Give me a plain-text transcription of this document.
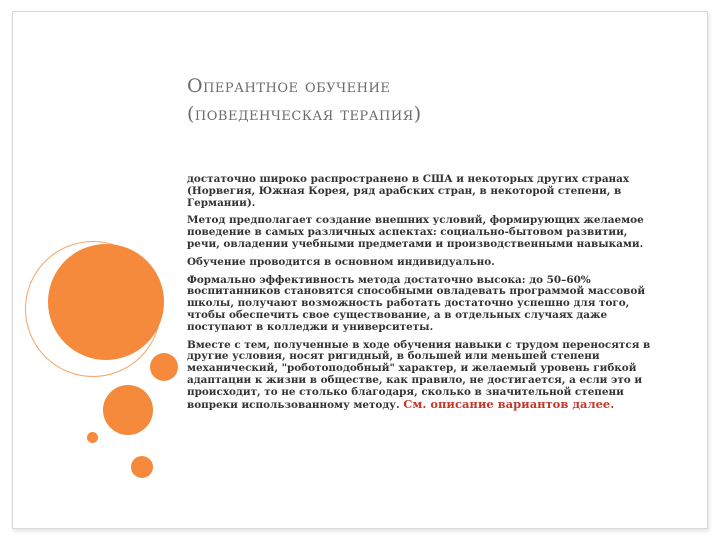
Оперантное обучение
(поведенческая терапия)

достаточно широко распространено в США и некоторых других странах (Норвегия, Южная Корея, ряд арабских стран, в некоторой степени, в Германии).

Метод предполагает создание внешних условий, формирующих желаемое поведение в самых различных аспектах: социально-бытовом развитии, речи, овладении учебными предметами и производственными навыками.

Обучение проводится в основном индивидуально.

Формально эффективность метода достаточно высока: до 50–60% воспитанников становятся способными овладевать программой массовой школы, получают возможность работать достаточно успешно для того, чтобы обеспечить свое существование, а в отдельных случаях даже поступают в колледжи и университеты.

Вместе с тем, полученные в ходе обучения навыки с трудом переносятся в другие условия, носят ригидный, в большей или меньшей степени механический, "роботоподобный" характер, и желаемый уровень гибкой адаптации к жизни в обществе, как правило, не достигается, а если это и происходит, то не столько благодаря, сколько в значительной степени вопреки использованному методу. См. описание вариантов далее.
